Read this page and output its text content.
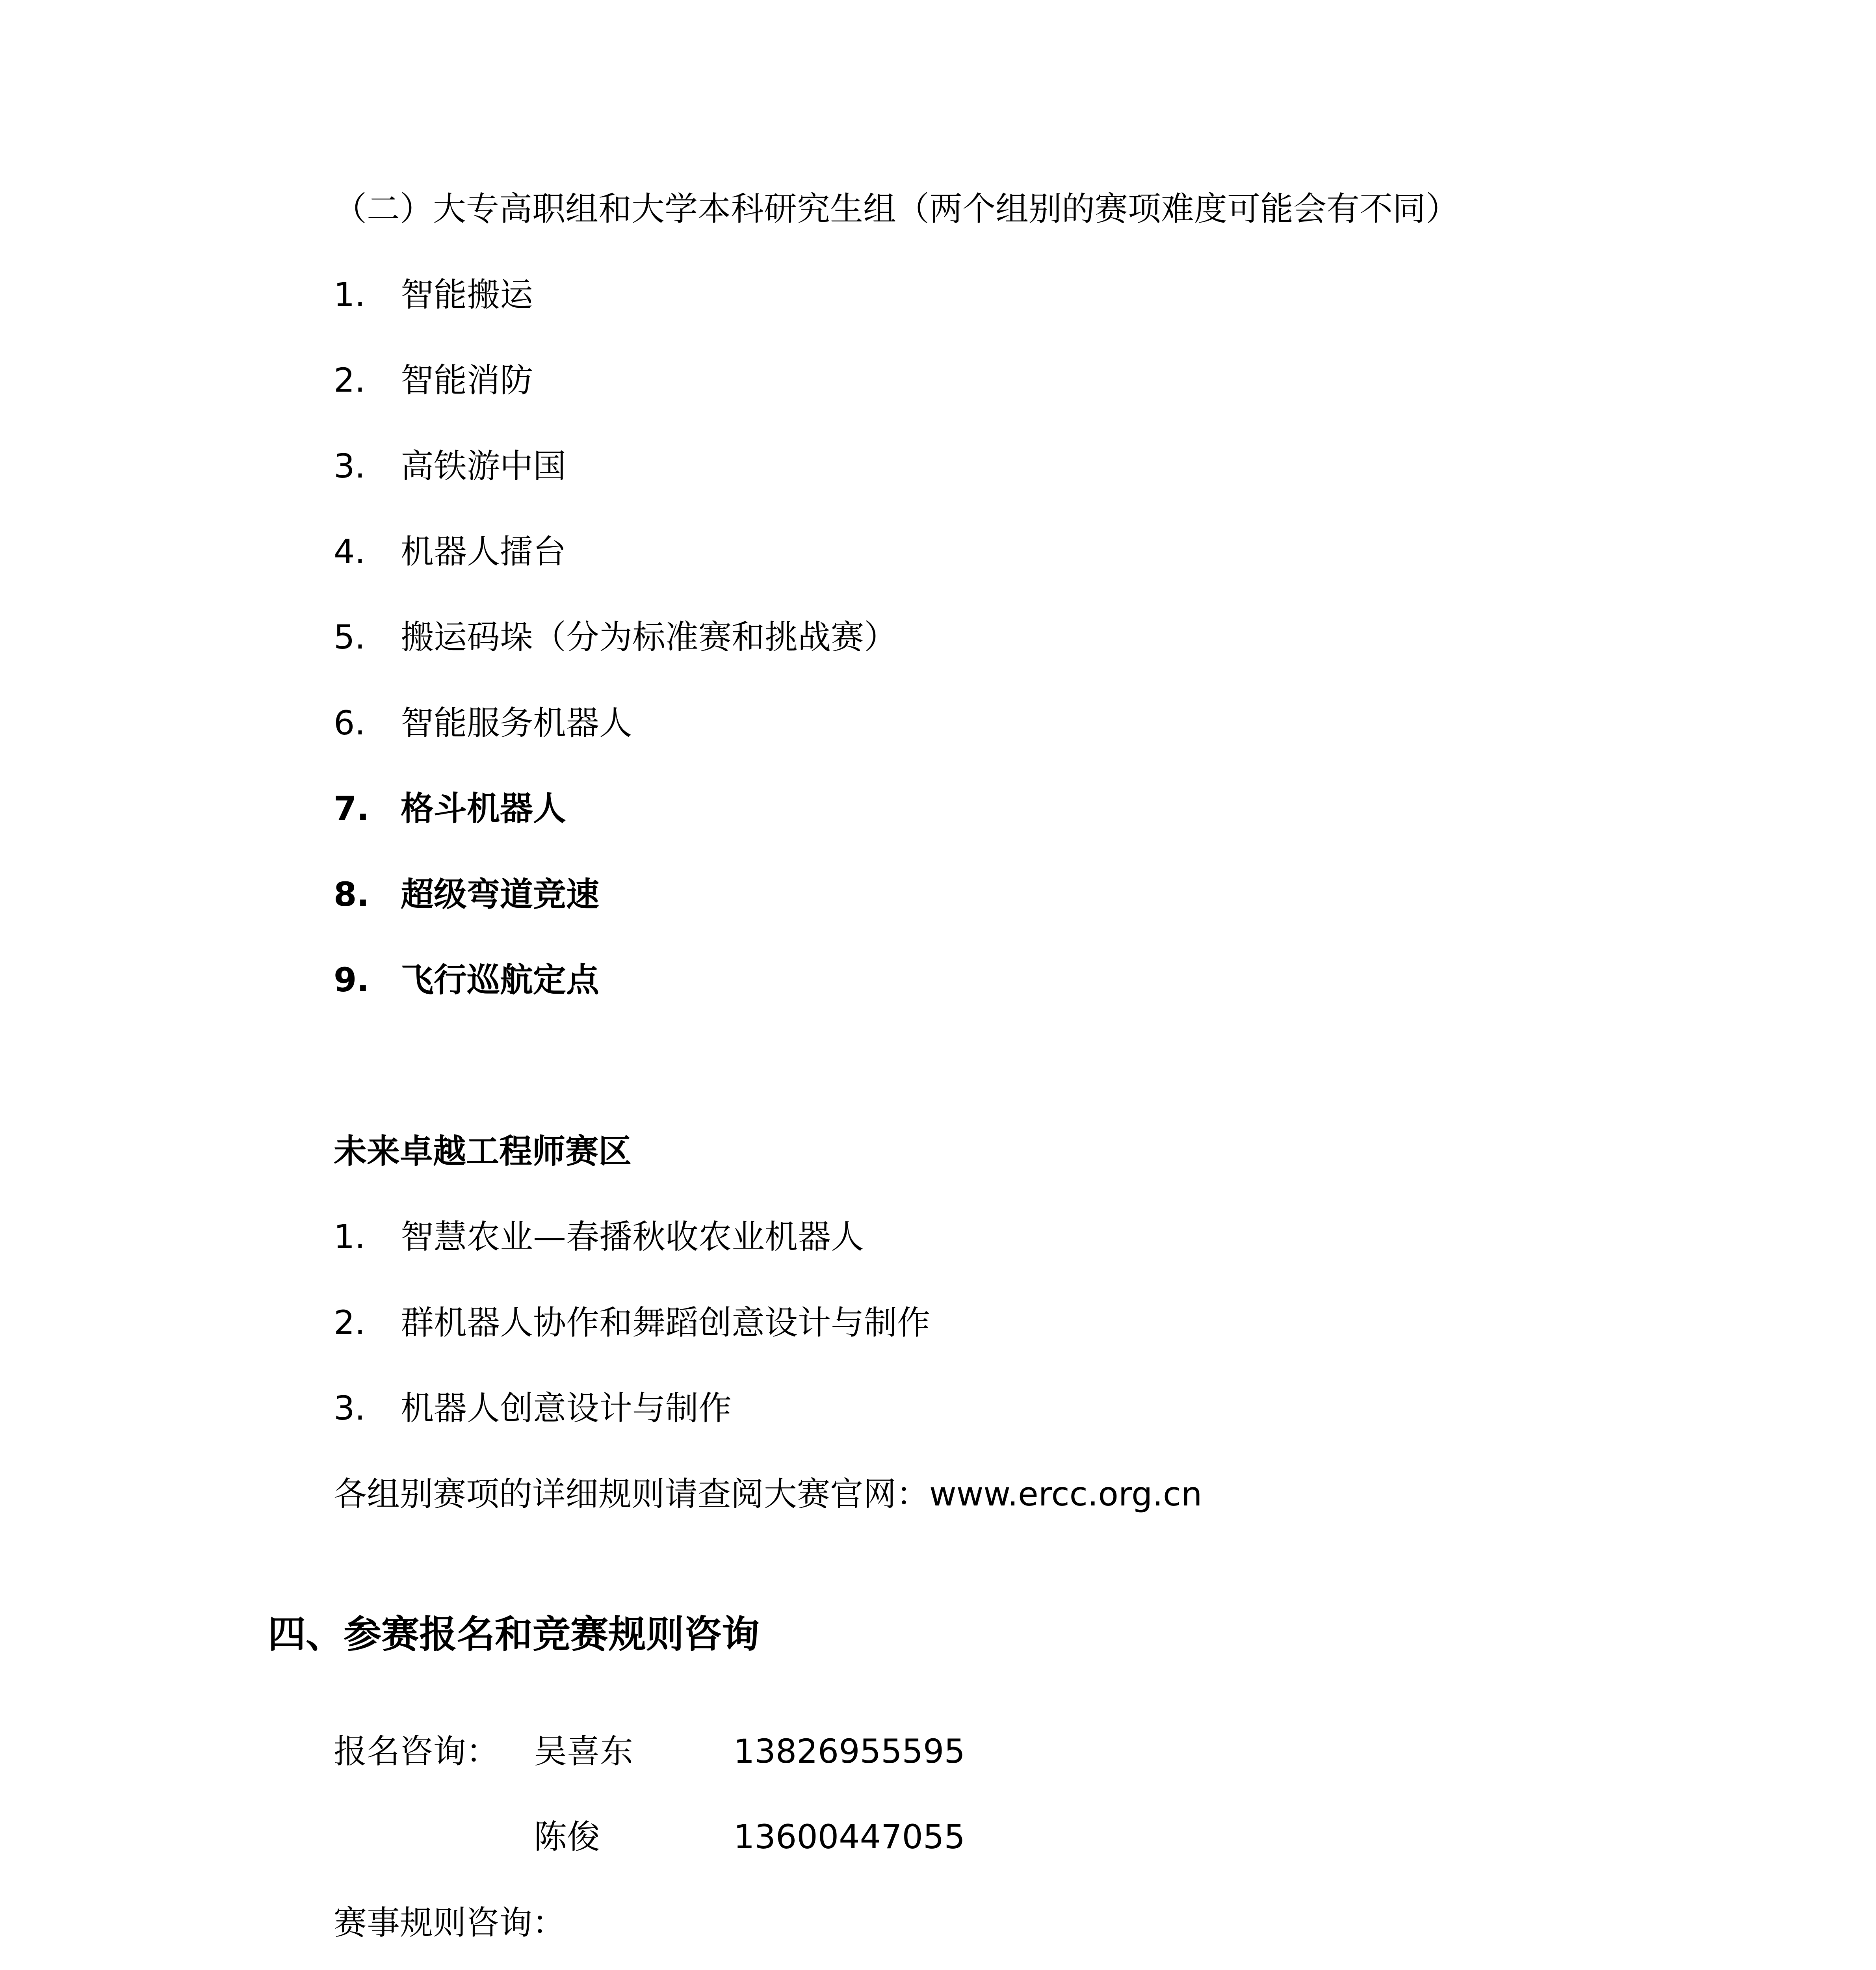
（二）大专高职组和大学本科研究生组（两个组别的赛项难度可能会有不同）
1. 智能搬运
2. 智能消防
3. 高铁游中国
4. 机器人擂台
5. 搬运码垛（分为标准赛和挑战赛）
6. 智能服务机器人
7. 格斗机器人
8. 超级弯道竞速
9. 飞行巡航定点
未来卓越工程师赛区
1. 智慧农业—春播秋收农业机器人
2. 群机器人协作和舞蹈创意设计与制作
3. 机器人创意设计与制作
各组别赛项的详细规则请查阅大赛官网：www.ercc.org.cn
四、参赛报名和竞赛规则咨询
报名咨询： 吴喜东	13826955595
陈俊	13600447055
赛事规则咨询：
